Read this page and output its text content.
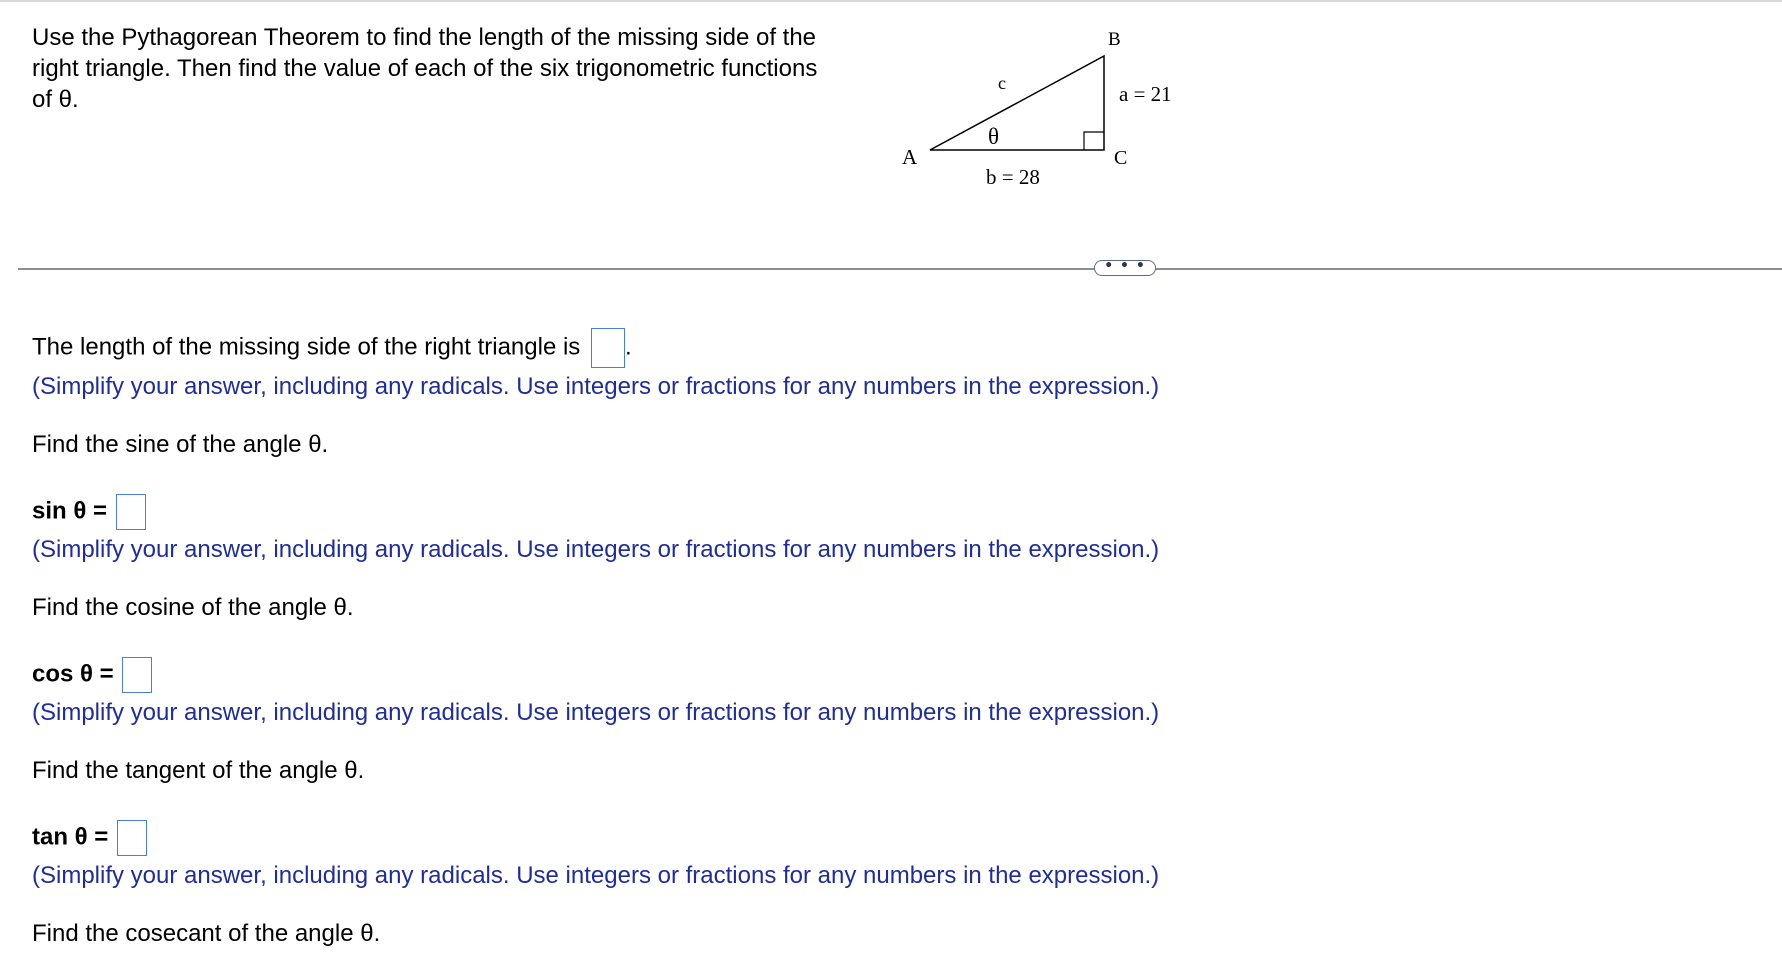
Use the Pythagorean Theorem to find the length of the missing side of the
right triangle. Then find the value of each of the six trigonometric functions
of θ.
A
B
C
c	a = 21
b = 28
θ
• • •
The length of the missing side of the right triangle is .
(Simplify your answer, including any radicals. Use integers or fractions for any numbers in the expression.)
Find the sine of the angle θ.
sin θ =
(Simplify your answer, including any radicals. Use integers or fractions for any numbers in the expression.)
Find the cosine of the angle θ.
cos θ =
(Simplify your answer, including any radicals. Use integers or fractions for any numbers in the expression.)
Find the tangent of the angle θ.
tan θ =
(Simplify your answer, including any radicals. Use integers or fractions for any numbers in the expression.)
Find the cosecant of the angle θ.
